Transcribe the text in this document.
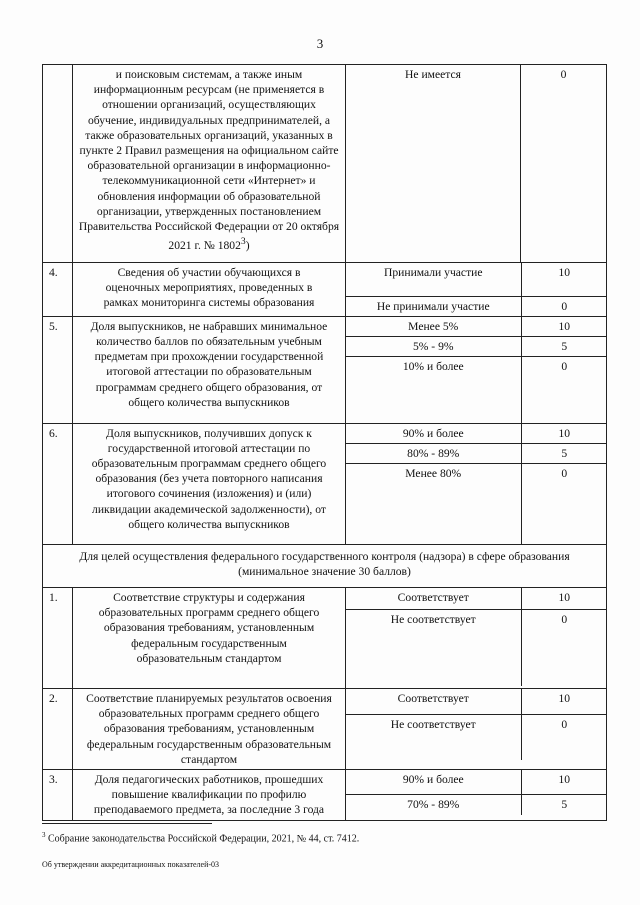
3
	и поисковым системам, а также иным информационным ресурсам (не применяется в отношении организаций, осуществляющих обучение, индивидуальных предпринимателей, а также образовательных организаций, указанных в пункте 2 Правил размещения на официальном сайте образовательной организации в информационно-телекоммуникационной сети «Интернет» и обновления информации об образовательной организации, утвержденных постановлением Правительства Российской Федерации от 20 октября 2021 г. № 1802$^3$)	Не имеется	0
4.	Сведения об участии обучающихся в оценочных мероприятиях, проведенных в рамках мониторинга системы образования	
Принимали участие	10
Не принимали участие	0

5.	Доля выпускников, не набравших минимальное количество баллов по обязательным учебным предметам при прохождении государственной итоговой аттестации по образовательным программам среднего общего образования, от общего количества выпускников	
Менее 5%	10
5% - 9%	5
10% и более	0

6.	Доля выпускников, получивших допуск к государственной итоговой аттестации по образовательным программам среднего общего образования (без учета повторного написания итогового сочинения (изложения) и (или) ликвидации академической задолженности), от общего количества выпускников	
90% и более	10
80% - 89%	5
Менее 80%	0

Для целей осуществления федерального государственного контроля (надзора) в сфере образования (минимальное значение 30 баллов)
1.	Соответствие структуры и содержания образовательных программ среднего общего образования требованиям, установленным федеральным государственным образовательным стандартом	
Соответствует	10
Не соответствует	0

2.	Соответствие планируемых результатов освоения образовательных программ среднего общего образования требованиям, установленным федеральным государственным образовательным стандартом	
Соответствует	10
Не соответствует	0

3.	Доля педагогических работников, прошедших повышение квалификации по профилю преподаваемого предмета, за последние 3 года	
90% и более	10
70% - 89%	5
$^3$ Собрание законодательства Российской Федерации, 2021, № 44, ст. 7412.
Об утверждении аккредитационных показателей-03
